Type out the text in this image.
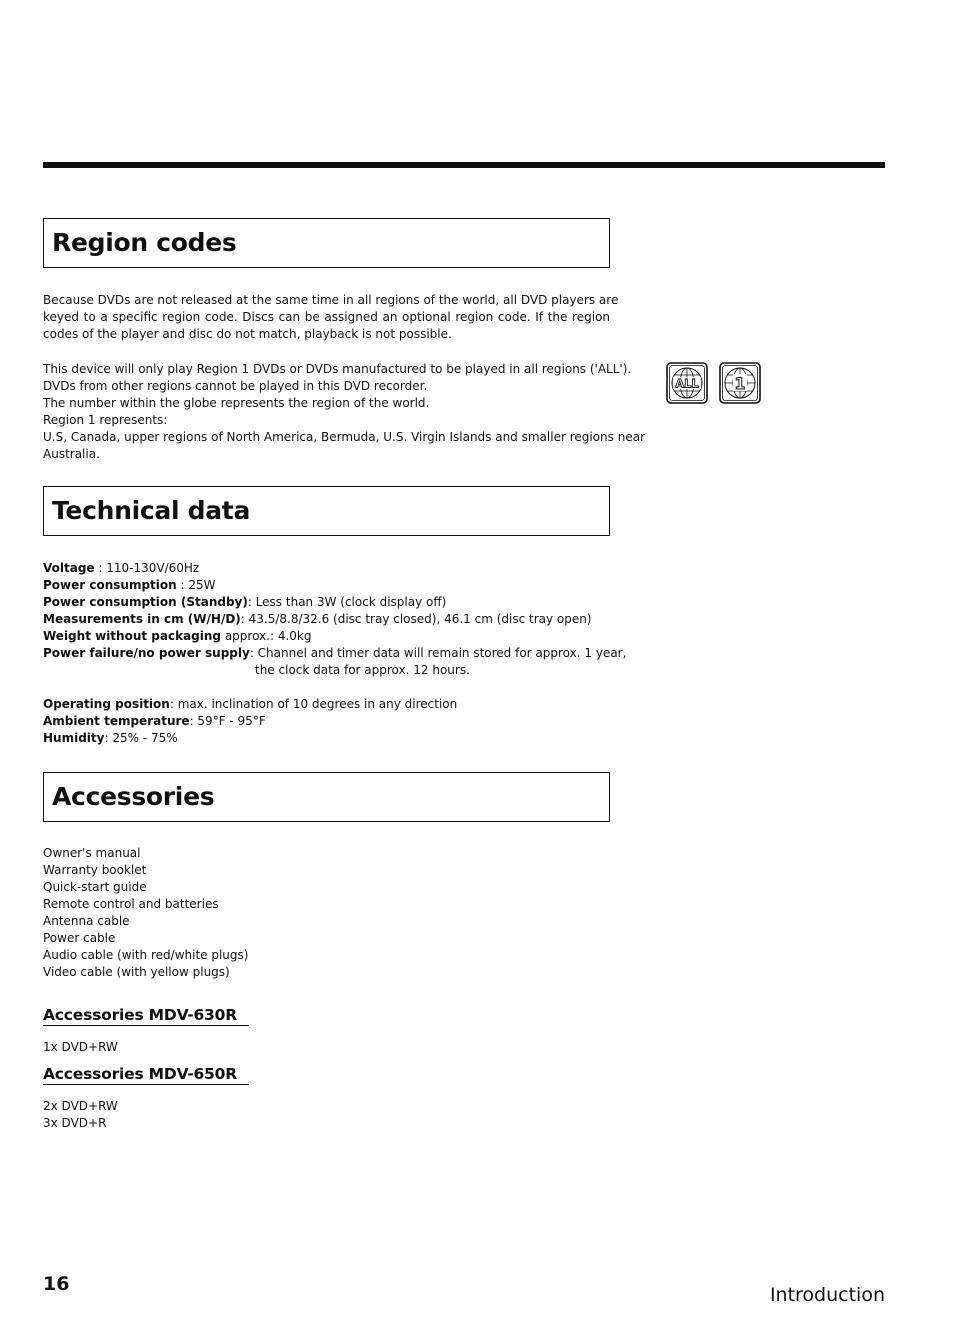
Region codes
Because DVDs are not released at the same time in all regions of the world, all DVD players are
keyed to a specific region code. Discs can be assigned an optional region code. If the region
codes of the player and disc do not match, playback is not possible.
This device will only play Region 1 DVDs or DVDs manufactured to be played in all regions ('ALL').
DVDs from other regions cannot be played in this DVD recorder.
The number within the globe represents the region of the world.
Region 1 represents:
U.S, Canada, upper regions of North America, Bermuda, U.S. Virgin Islands and smaller regions near
Australia.
ALL 1
Technical data
Voltage : 110-130V/60Hz
Power consumption : 25W
Power consumption (Standby): Less than 3W (clock display off)
Measurements in cm (W/H/D): 43.5/8.8/32.6 (disc tray closed), 46.1 cm (disc tray open)
Weight without packaging approx.: 4.0kg
Power failure/no power supply: Channel and timer data will remain stored for approx. 1 year,
the clock data for approx. 12 hours.

Operating position: max. inclination of 10 degrees in any direction
Ambient temperature: 59°F - 95°F
Humidity: 25% - 75%
Accessories
Owner's manual
Warranty booklet
Quick-start guide
Remote control and batteries
Antenna cable
Power cable
Audio cable (with red/white plugs)
Video cable (with yellow plugs)
Accessories MDV-630R
1x DVD+RW
Accessories MDV-650R
2x DVD+RW
3x DVD+R
16	Introduction
